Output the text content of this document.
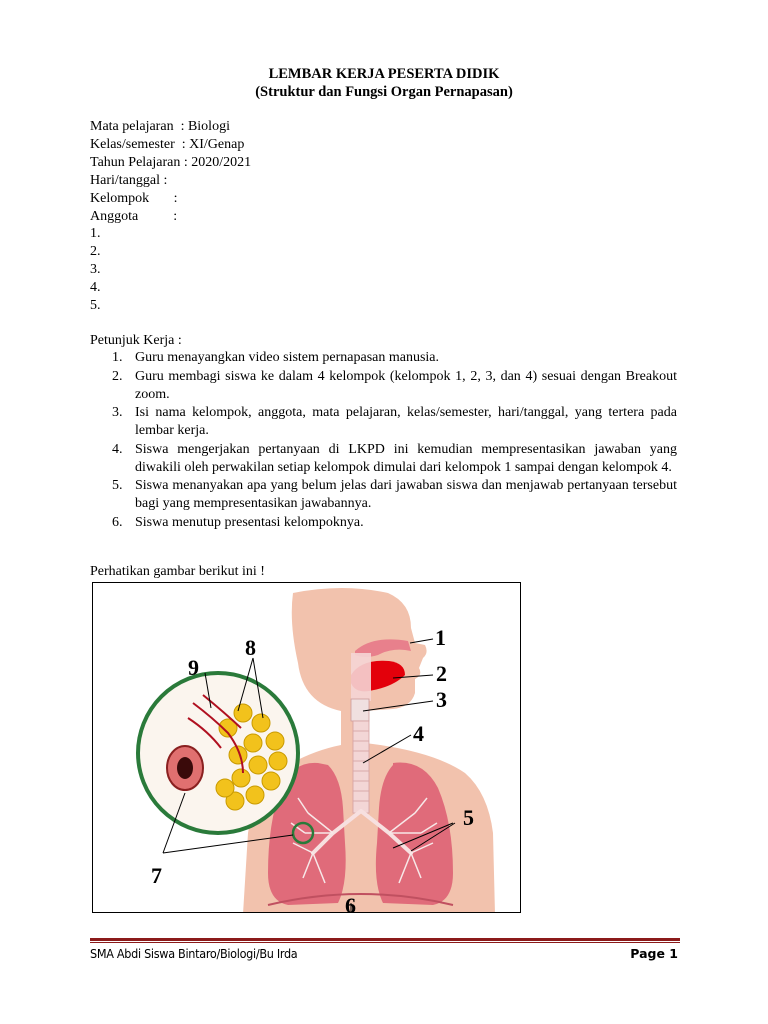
LEMBAR KERJA PESERTA DIDIK
(Struktur dan Fungsi Organ Pernapasan)
Mata pelajaran  : Biologi
Kelas/semester  : XI/Genap
Tahun Pelajaran : 2020/2021
Hari/tanggal :
Kelompok       :
Anggota          :
1.
2.
3.
4.
5.
Petunjuk Kerja :
1. Guru menayangkan video sistem pernapasan manusia.
2. Guru membagi siswa ke dalam 4 kelompok (kelompok 1, 2, 3, dan 4) sesuai dengan Breakout zoom.
3. Isi nama kelompok, anggota, mata pelajaran, kelas/semester, hari/tanggal, yang tertera pada lembar kerja.
4. Siswa mengerjakan pertanyaan di LKPD ini kemudian mempresentasikan jawaban yang diwakili oleh perwakilan setiap kelompok dimulai dari kelompok 1 sampai dengan kelompok 4.
5. Siswa menanyakan apa yang belum jelas dari jawaban siswa dan menjawab pertanyaan tersebut bagi yang mempresentasikan jawabannya.
6. Siswa menutup presentasi kelompoknya.
Perhatikan gambar berikut ini !
1
2
3
4
5
6
7
8
9
SMA Abdi Siswa Bintaro/Biologi/Bu Irda	Page 1
